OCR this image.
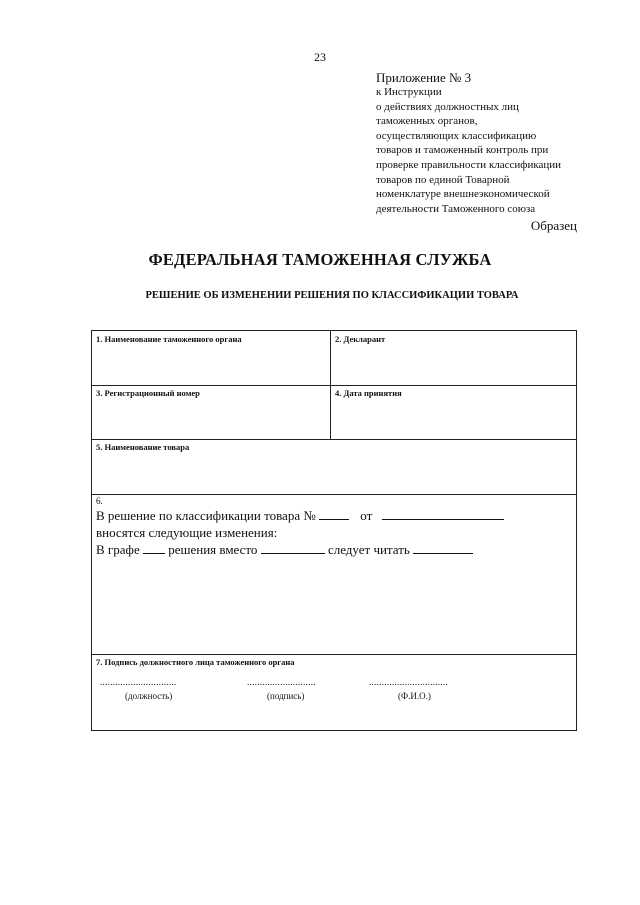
23
Приложение № 3
к Инструкции
о действиях должностных лиц
таможенных органов,
осуществляющих классификацию
товаров и таможенный контроль при
проверке правильности классификации
товаров по единой Товарной
номенклатуре внешнеэкономической
деятельности Таможенного союза
Образец
ФЕДЕРАЛЬНАЯ ТАМОЖЕННАЯ СЛУЖБА
РЕШЕНИЕ ОБ ИЗМЕНЕНИИ РЕШЕНИЯ ПО КЛАССИФИКАЦИИ ТОВАРА
1. Наименование таможенного органа	2. Декларант
3. Регистрационный номер	4. Дата принятия
5. Наименование товара
6.
В решение по классификации товара №	от
вносятся следующие изменения:
В графе решения вместо	следует читать
7. Подпись должностного лица таможенного органа
..............................	...........................	...............................
(должность)	(подпись)	(Ф.И.О.)
